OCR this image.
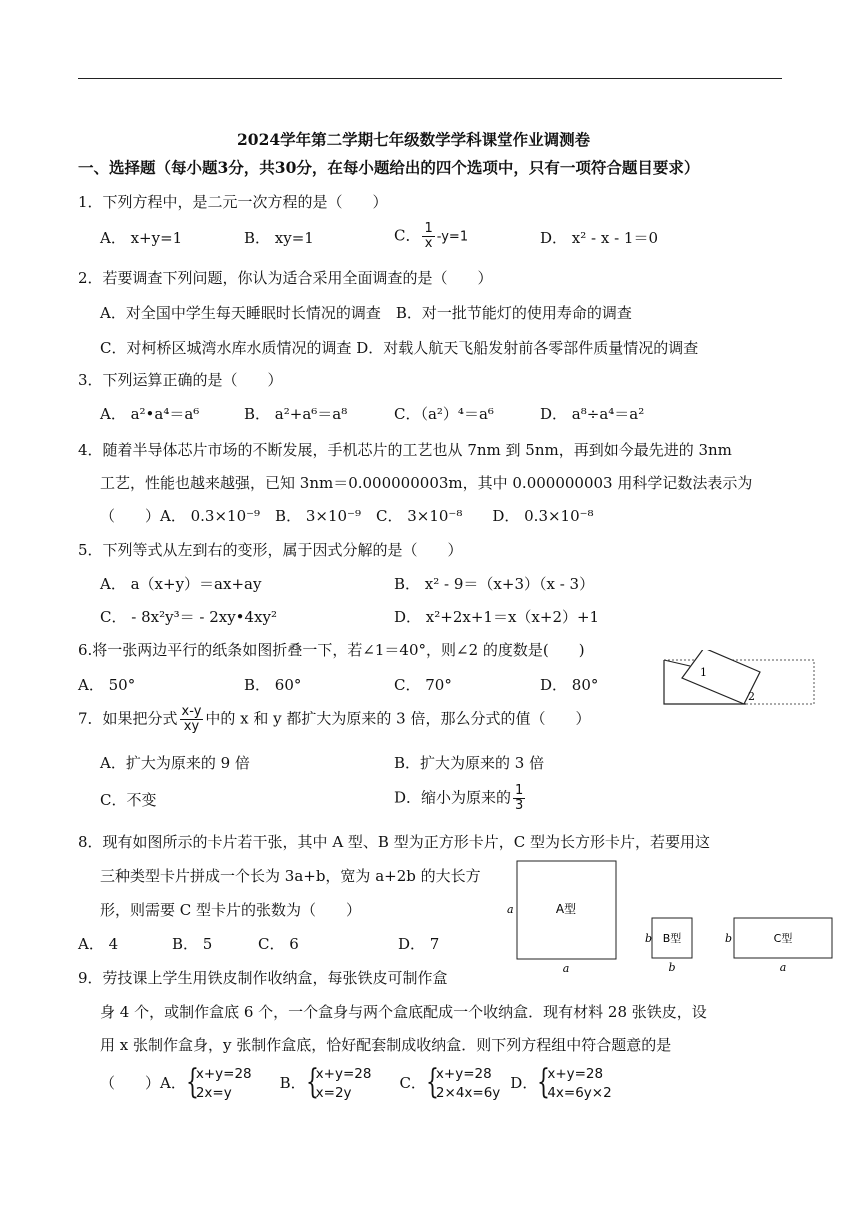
2024学年第二学期七年级数学学科课堂作业调测卷
一、选择题（每小题3分，共30分，在每小题给出的四个选项中，只有一项符合题目要求）
1．下列方程中，是二元一次方程的是（　　）
A． x+y=1	B． xy=1	C． $\frac{1}{x} -y=1$	D． x² - x - 1＝0
2．若要调查下列问题，你认为适合采用全面调查的是（　　）
A．对全国中学生每天睡眠时长情况的调查　B．对一批节能灯的使用寿命的调查
C．对柯桥区城湾水库水质情况的调查 D．对载人航天飞船发射前各零部件质量情况的调查
3．下列运算正确的是（　　）
A． a²•a⁴＝a⁶	B． a²+a⁶＝a⁸	C．（a²）⁴＝a⁶	D． a⁸÷a⁴＝a²
4．随着半导体芯片市场的不断发展，手机芯片的工艺也从 7nm 到 5nm，再到如今最先进的 3nm
工艺，性能也越来越强，已知 3nm＝0.000000003m，其中 0.000000003 用科学记数法表示为
（　　）A． 0.3×10⁻⁹　B． 3×10⁻⁹　C． 3×10⁻⁸　　D． 0.3×10⁻⁸
5．下列等式从左到右的变形，属于因式分解的是（　　）
A． a（x+y）＝ax+ay	B． x² - 9＝（x+3）（x - 3）
C． - 8x²y³＝ - 2xy•4xy²	D． x²+2x+1＝x（x+2）+1
6.将一张两边平行的纸条如图折叠一下，若∠1＝40°，则∠2 的度数是(　　)
A． 50°	B． 60°	C． 70°	D． 80°
1
2
7．如果把分式 $\frac{x-y}{xy}$ 中的 x 和 y 都扩大为原来的 3 倍，那么分式的值（　　）
A．扩大为原来的 9 倍	B．扩大为原来的 3 倍
C．不变	D．缩小为原来的 $\frac{1}{3}$
8．现有如图所示的卡片若干张，其中 A 型、B 型为正方形卡片，C 型为长方形卡片，若要用这
三种类型卡片拼成一个长为 3a+b，宽为 a+2b 的大长方
形，则需要 C 型卡片的张数为（　　）
A． 4	B． 5	C． 6	D． 7
A型
a
a
B型
b
b
C型
b
a
9．劳技课上学生用铁皮制作收纳盒，每张铁皮可制作盒
身 4 个，或制作盒底 6 个，一个盒身与两个盒底配成一个收纳盒．现有材料 28 张铁皮，设
用 x 张制作盒身，y 张制作盒底，恰好配套制成收纳盒．则下列方程组中符合题意的是
（　　）A． {
x+y=28
2x=y
B． {
x+y=28
x=2y
C． {
x+y=28
2×4x=6y
D． {
x+y=28
4x=6y×2
